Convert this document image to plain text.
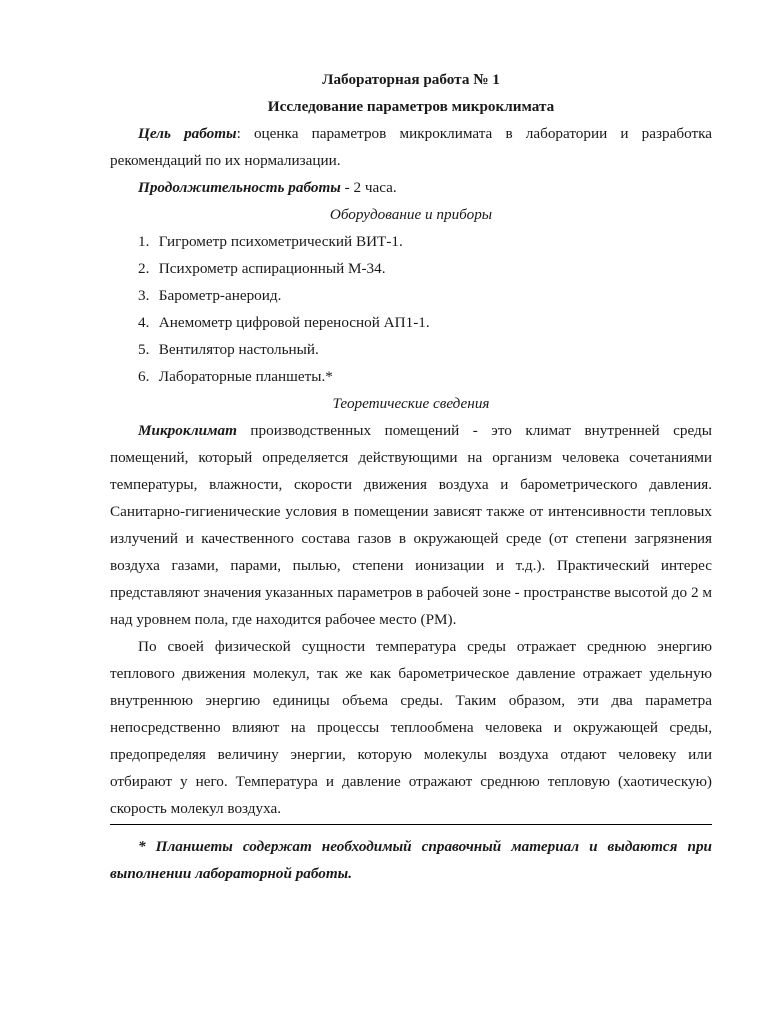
Лабораторная работа № 1

Исследование параметров микроклимата

Цель работы: оценка параметров микроклимата в лаборатории и разработка рекомендаций по их нормализации.

Продолжительность работы - 2 часа.

Оборудование и приборы

1. Гигрометр психометрический ВИТ-1.
2. Психрометр аспирационный М-34.
3. Барометр-анероид.
4. Анемометр цифровой переносной АП1-1.
5. Вентилятор настольный.
6. Лабораторные планшеты.*

Теоретические сведения

Микроклимат производственных помещений - это климат внутренней среды помещений, который определяется действующими на организм человека сочетаниями температуры, влажности, скорости движения воздуха и барометрического давления. Санитарно-гигиенические условия в помещении зависят также от интенсивности тепловых излучений и качественного состава газов в окружающей среде (от степени загрязнения воздуха газами, парами, пылью, степени ионизации и т.д.). Практический интерес представляют значения указанных параметров в рабочей зоне - пространстве высотой до 2 м над уровнем пола, где находится рабочее место (РМ).

По своей физической сущности температура среды отражает среднюю энергию теплового движения молекул, так же как барометрическое давление отражает удельную внутреннюю энергию единицы объема среды. Таким образом, эти два параметра непосредственно влияют на процессы теплообмена человека и окружающей среды, предопределяя величину энергии, которую молекулы воздуха отдают человеку или отбирают у него. Температура и давление отражают среднюю тепловую (хаотическую) скорость молекул воздуха.

* Планшеты содержат необходимый справочный материал и выдаются при выполнении лабораторной работы.
